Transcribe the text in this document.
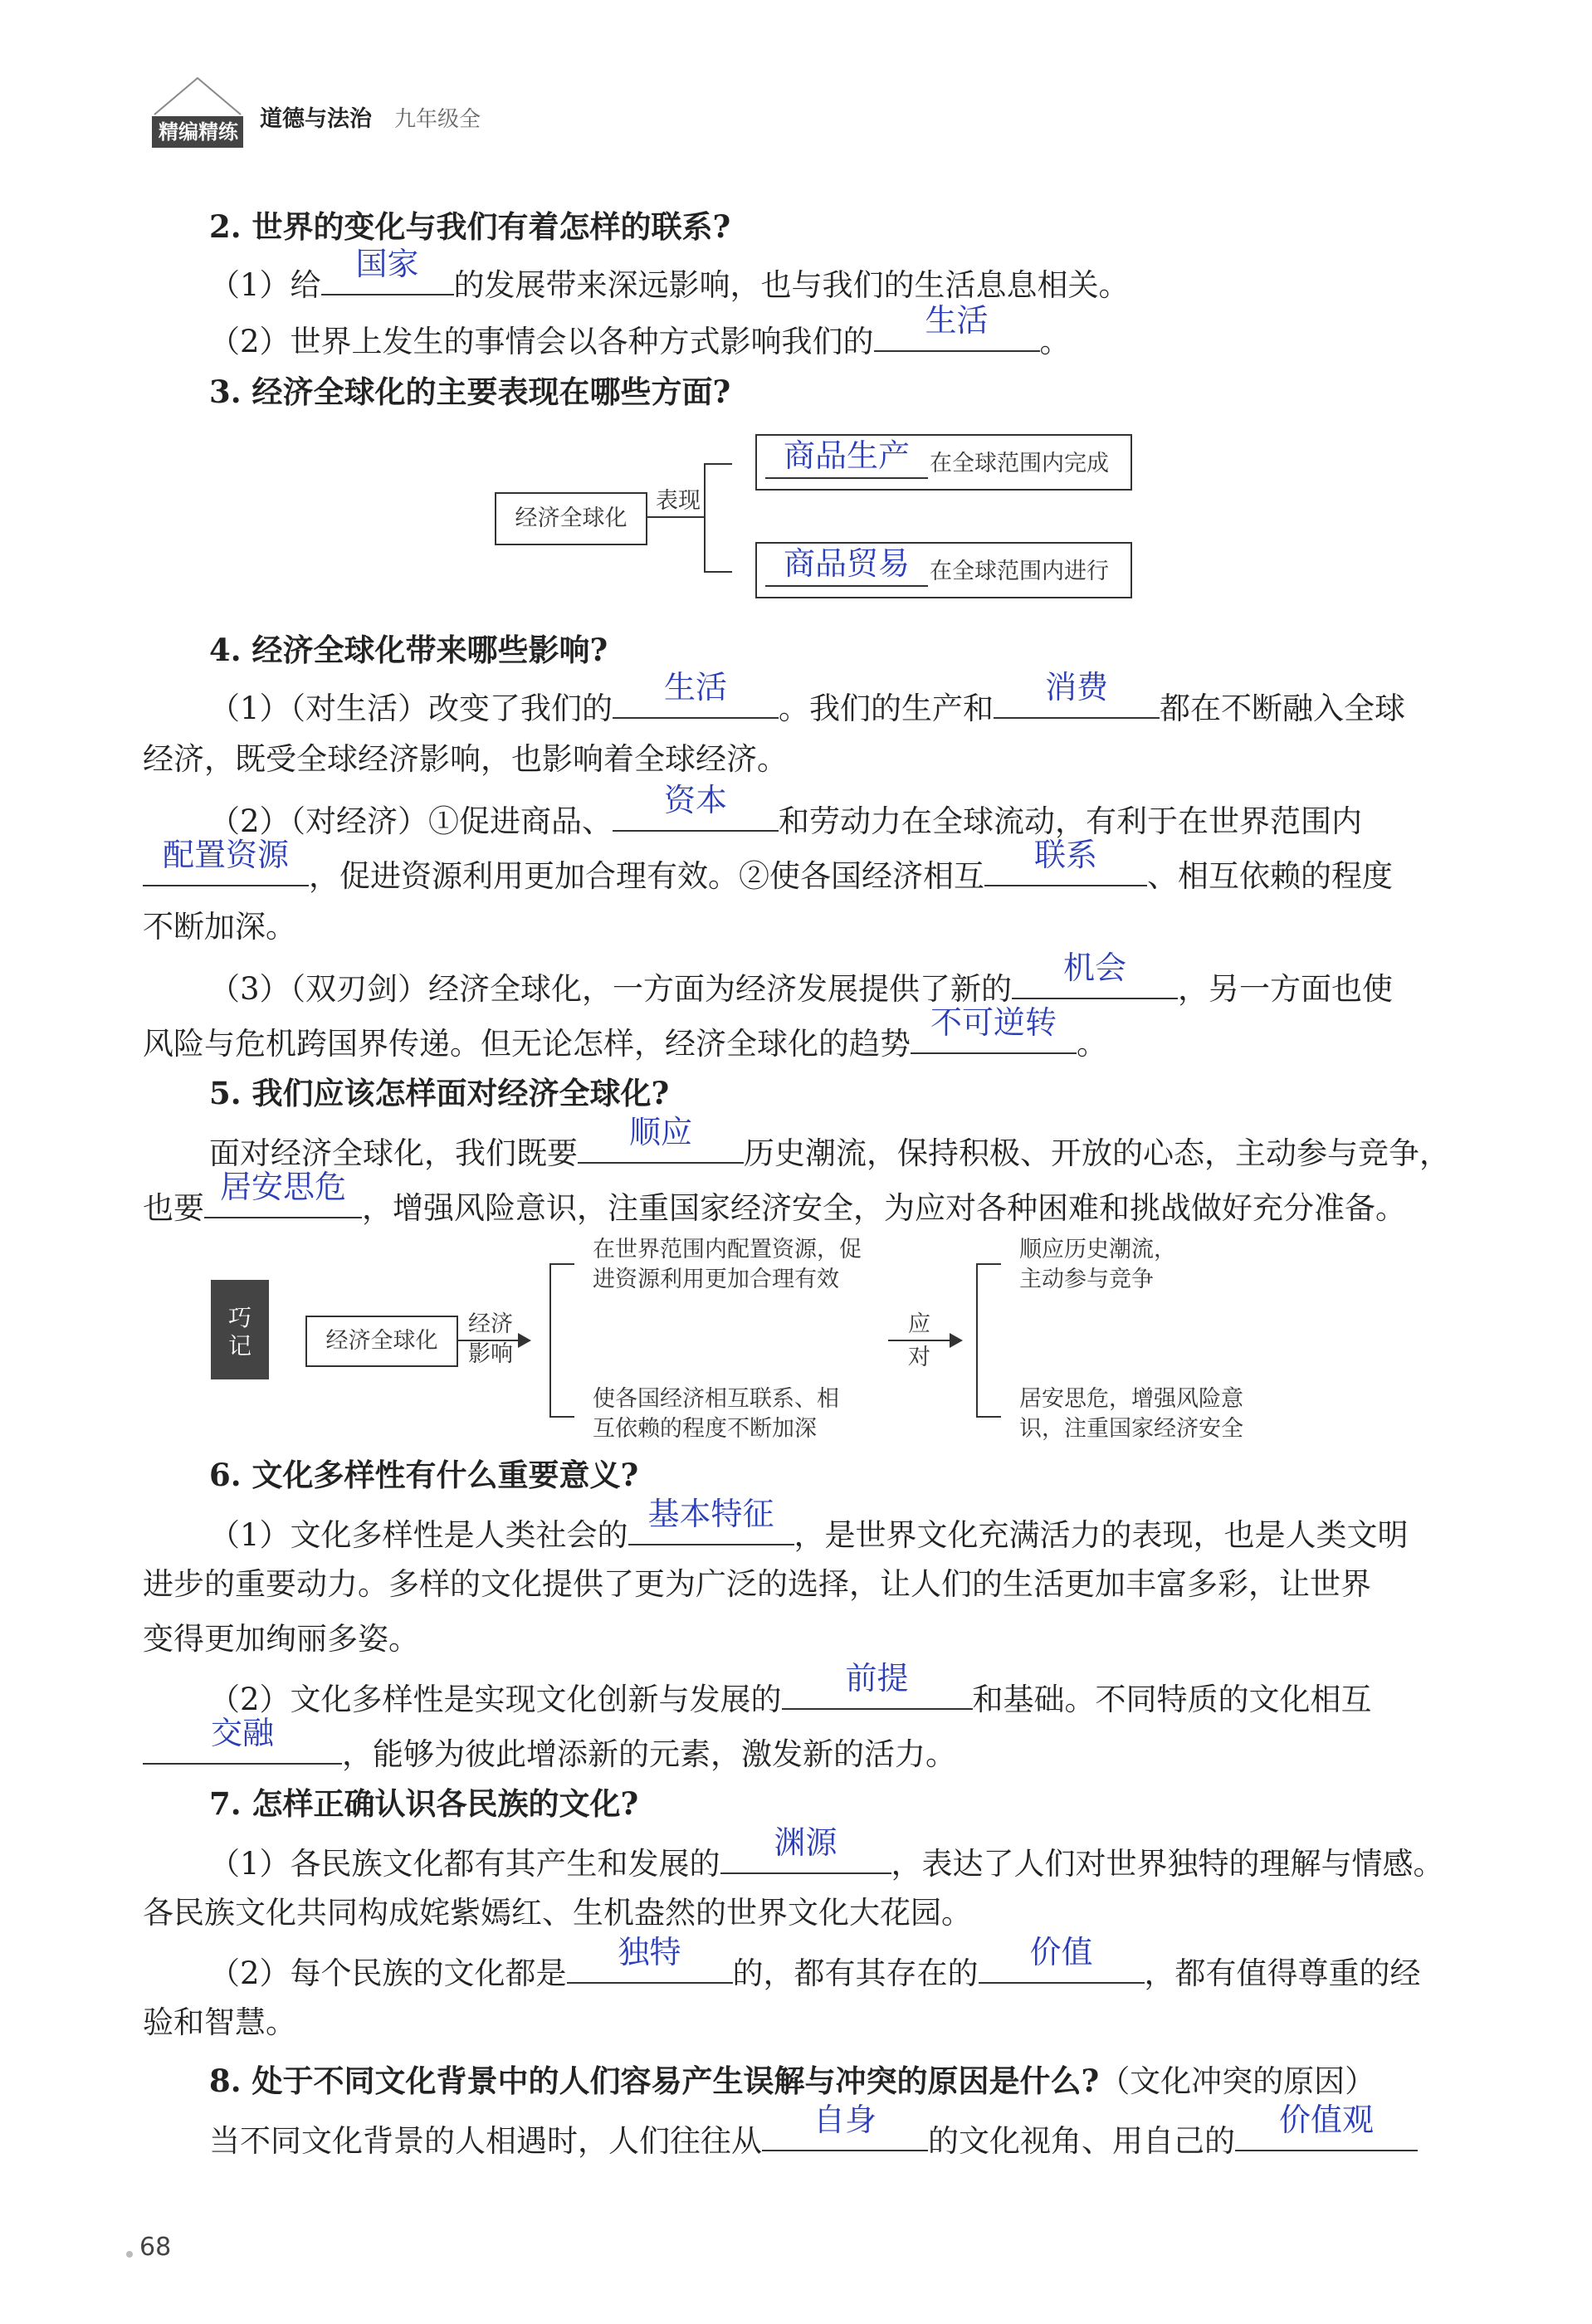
精编精练 道德与法治 九年级全
2. 世界的变化与我们有着怎样的联系?
（1）给
国家
的发展带来深远影响，也与我们的生活息息相关。
（2）世界上发生的事情会以各种方式影响我们的
生活
。
3. 经济全球化的主要表现在哪些方面?
经济全球化
表现
商品生产 在全球范围内完成
商品贸易 在全球范围内进行
4. 经济全球化带来哪些影响?
（1）（对生活）改变了我们的
生活
。我们的生产和
消费
都在不断融入全球
经济，既受全球经济影响，也影响着全球经济。
（2）（对经济）①促进商品、
资本
和劳动力在全球流动，有利于在世界范围内
配置资源
，促进资源利用更加合理有效。②使各国经济相互
联系
、相互依赖的程度
不断加深。
（3）（双刃剑）经济全球化，一方面为经济发展提供了新的
机会
，另一方面也使
风险与危机跨国界传递。但无论怎样，经济全球化的趋势
不可逆转
。
5. 我们应该怎样面对经济全球化?
面对经济全球化，我们既要
顺应
历史潮流，保持积极、开放的心态，主动参与竞争，
也要
居安思危
，增强风险意识，注重国家经济安全，为应对各种困难和挑战做好充分准备。
巧
记	经济全球化
经济
影响
在世界范围内配置资源，促
进资源利用更加合理有效
使各国经济相互联系、相
互依赖的程度不断加深
应
对
顺应历史潮流，
主动参与竞争
居安思危，增强风险意
识，注重国家经济安全
6. 文化多样性有什么重要意义?
（1）文化多样性是人类社会的
基本特征
，是世界文化充满活力的表现，也是人类文明
进步的重要动力。多样的文化提供了更为广泛的选择，让人们的生活更加丰富多彩，让世界
变得更加绚丽多姿。
（2）文化多样性是实现文化创新与发展的
前提
和基础。不同特质的文化相互
交融
，能够为彼此增添新的元素，激发新的活力。
7. 怎样正确认识各民族的文化?
（1）各民族文化都有其产生和发展的
渊源
，表达了人们对世界独特的理解与情感。
各民族文化共同构成姹紫嫣红、生机盎然的世界文化大花园。
（2）每个民族的文化都是
独特
的，都有其存在的
价值
，都有值得尊重的经
验和智慧。
8. 处于不同文化背景中的人们容易产生误解与冲突的原因是什么?（文化冲突的原因）
当不同文化背景的人相遇时，人们往往从
自身
的文化视角、用自己的
价值观
68
